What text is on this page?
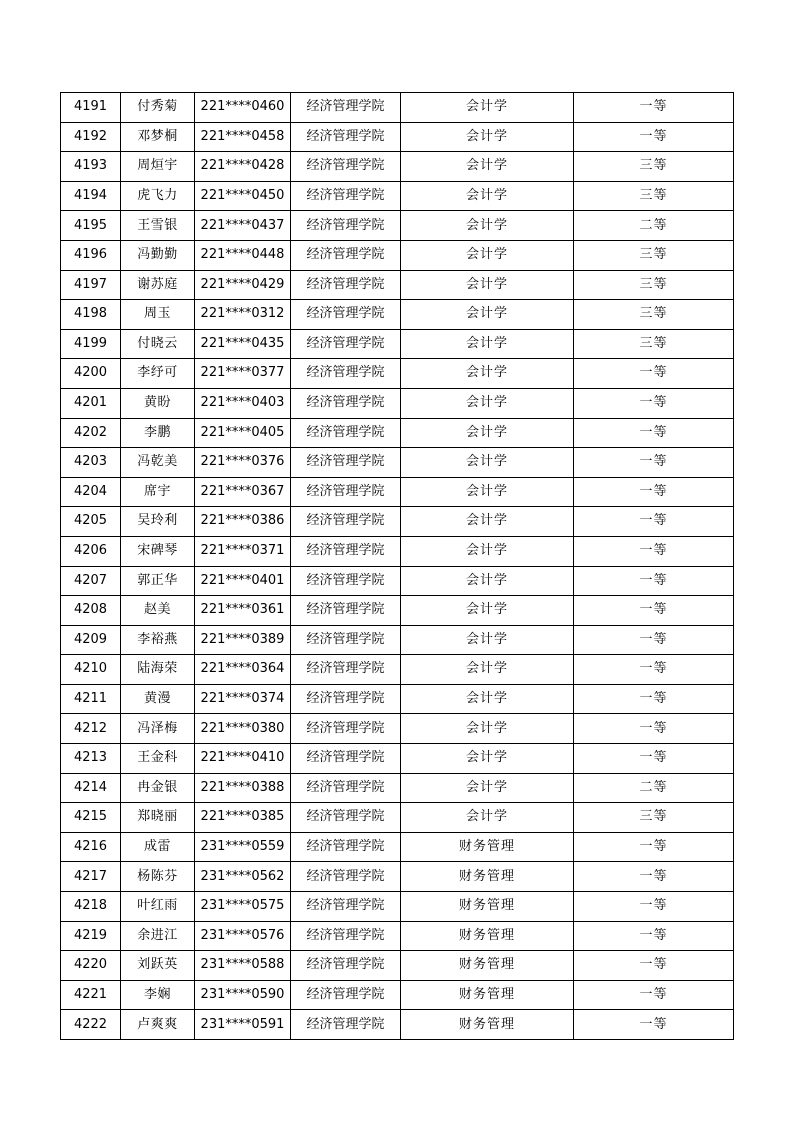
4191	付秀菊	221****0460	经济管理学院	会计学	一等
4192	邓梦桐	221****0458	经济管理学院	会计学	一等
4193	周烜宇	221****0428	经济管理学院	会计学	三等
4194	虎飞力	221****0450	经济管理学院	会计学	三等
4195	王雪银	221****0437	经济管理学院	会计学	二等
4196	冯勤勤	221****0448	经济管理学院	会计学	三等
4197	谢苏庭	221****0429	经济管理学院	会计学	三等
4198	周玉	221****0312	经济管理学院	会计学	三等
4199	付晓云	221****0435	经济管理学院	会计学	三等
4200	李纾可	221****0377	经济管理学院	会计学	一等
4201	黄盼	221****0403	经济管理学院	会计学	一等
4202	李鹏	221****0405	经济管理学院	会计学	一等
4203	冯乾美	221****0376	经济管理学院	会计学	一等
4204	席宇	221****0367	经济管理学院	会计学	一等
4205	吴玲利	221****0386	经济管理学院	会计学	一等
4206	宋碑琴	221****0371	经济管理学院	会计学	一等
4207	郭正华	221****0401	经济管理学院	会计学	一等
4208	赵美	221****0361	经济管理学院	会计学	一等
4209	李裕燕	221****0389	经济管理学院	会计学	一等
4210	陆海荣	221****0364	经济管理学院	会计学	一等
4211	黄漫	221****0374	经济管理学院	会计学	一等
4212	冯泽梅	221****0380	经济管理学院	会计学	一等
4213	王金科	221****0410	经济管理学院	会计学	一等
4214	冉金银	221****0388	经济管理学院	会计学	二等
4215	郑晓丽	221****0385	经济管理学院	会计学	三等
4216	成雷	231****0559	经济管理学院	财务管理	一等
4217	杨陈芬	231****0562	经济管理学院	财务管理	一等
4218	叶红雨	231****0575	经济管理学院	财务管理	一等
4219	余进江	231****0576	经济管理学院	财务管理	一等
4220	刘跃英	231****0588	经济管理学院	财务管理	一等
4221	李娴	231****0590	经济管理学院	财务管理	一等
4222	卢爽爽	231****0591	经济管理学院	财务管理	一等
